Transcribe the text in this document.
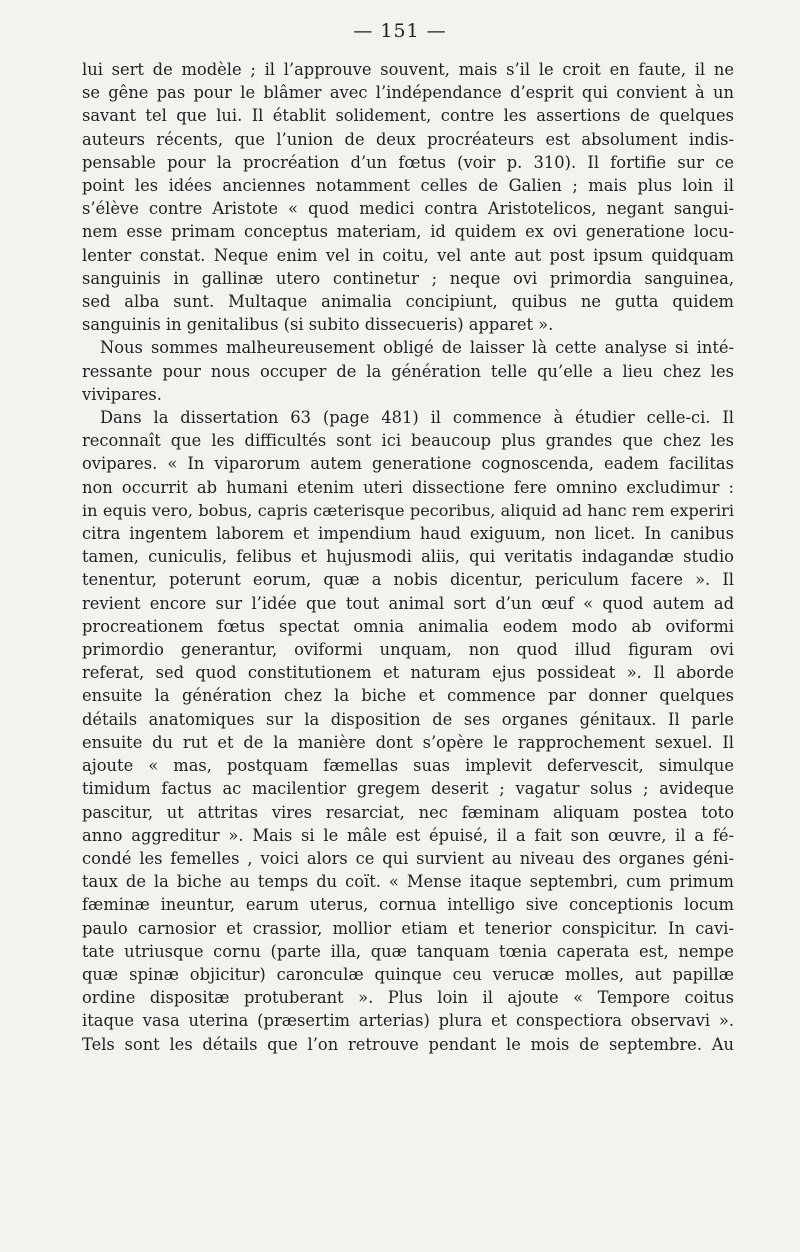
— 151 —
lui sert de modèle ; il l’approuve souvent, mais s’il le croit en faute, il ne
se gêne pas pour le blâmer avec l’indépendance d’esprit qui convient à un
savant tel que lui. Il établit solidement, contre les assertions de quelques
auteurs récents, que l’union de deux procréateurs est absolument indis-
pensable pour la procréation d’un fœtus (voir p. 310). Il fortifie sur ce
point les idées anciennes notamment celles de Galien ; mais plus loin il
s’élève contre Aristote « quod medici contra Aristotelicos, negant sangui-
nem esse primam conceptus materiam, id quidem ex ovi generatione locu-
lenter constat. Neque enim vel in coitu, vel ante aut post ipsum quidquam
sanguinis in gallinæ utero continetur ; neque ovi primordia sanguinea,
sed alba sunt. Multaque animalia concipiunt, quibus ne gutta quidem
sanguinis in genitalibus (si subito dissecueris) apparet ».
Nous sommes malheureusement obligé de laisser là cette analyse si inté-
ressante pour nous occuper de la génération telle qu’elle a lieu chez les
vivipares.
Dans la dissertation 63 (page 481) il commence à étudier celle-ci. Il
reconnaît que les difficultés sont ici beaucoup plus grandes que chez les
ovipares. « In viparorum autem generatione cognoscenda, eadem facilitas
non occurrit ab humani etenim uteri dissectione fere omnino excludimur :
in equis vero, bobus, capris cæterisque pecoribus, aliquid ad hanc rem experiri
citra ingentem laborem et impendium haud exiguum, non licet. In canibus
tamen, cuniculis, felibus et hujusmodi aliis, qui veritatis indagandæ studio
tenentur, poterunt eorum, quæ a nobis dicentur, periculum facere ». Il
revient encore sur l’idée que tout animal sort d’un œuf « quod autem ad
procreationem fœtus spectat omnia animalia eodem modo ab oviformi
primordio generantur, oviformi unquam, non quod illud figuram ovi
referat, sed quod constitutionem et naturam ejus possideat ». Il aborde
ensuite la génération chez la biche et commence par donner quelques
détails anatomiques sur la disposition de ses organes génitaux. Il parle
ensuite du rut et de la manière dont s’opère le rapprochement sexuel. Il
ajoute « mas, postquam fæmellas suas implevit defervescit, simulque
timidum factus ac macilentior gregem deserit ; vagatur solus ; avideque
pascitur, ut attritas vires resarciat, nec fæminam aliquam postea toto
anno aggreditur ». Mais si le mâle est épuisé, il a fait son œuvre, il a fé-
condé les femelles , voici alors ce qui survient au niveau des organes géni-
taux de la biche au temps du coït. « Mense itaque septembri, cum primum
fæminæ ineuntur, earum uterus, cornua intelligo sive conceptionis locum
paulo carnosior et crassior, mollior etiam et tenerior conspicitur. In cavi-
tate utriusque cornu (parte illa, quæ tanquam tœnia caperata est, nempe
quæ spinæ objicitur) caronculæ quinque ceu verucæ molles, aut papillæ
ordine dispositæ protuberant ». Plus loin il ajoute « Tempore coitus
itaque vasa uterina (præsertim arterias) plura et conspectiora observavi ».
Tels sont les détails que l’on retrouve pendant le mois de septembre. Au
